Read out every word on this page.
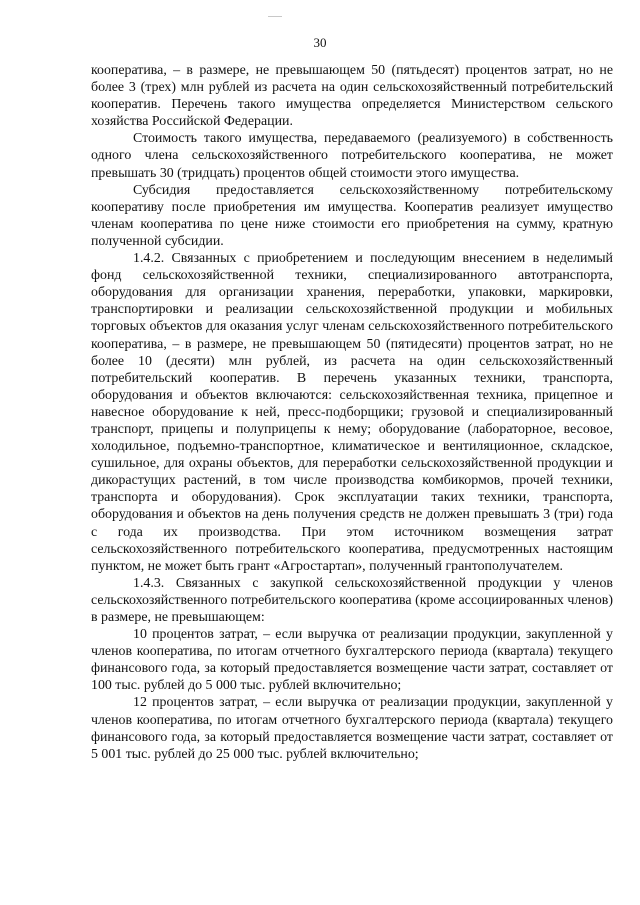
30

кооператива, – в размере, не превышающем 50 (пятьдесят) процентов затрат, но не более 3 (трех) млн рублей из расчета на один сельскохозяйственный потребительский кооператив. Перечень такого имущества определяется Министерством сельского хозяйства Российской Федерации.

Стоимость такого имущества, передаваемого (реализуемого) в собственность одного члена сельскохозяйственного потребительского кооператива, не может превышать 30 (тридцать) процентов общей стоимости этого имущества.

Субсидия предоставляется сельскохозяйственному потребительскому кооперативу после приобретения им имущества. Кооператив реализует имущество членам кооператива по цене ниже стоимости его приобретения на сумму, кратную полученной субсидии.

1.4.2. Связанных с приобретением и последующим внесением в неделимый фонд сельскохозяйственной техники, специализированного автотранспорта, оборудования для организации хранения, переработки, упаковки, маркировки, транспортировки и реализации сельскохозяйственной продукции и мобильных торговых объектов для оказания услуг членам сельскохозяйственного потребительского кооператива, – в размере, не превышающем 50 (пятидесяти) процентов затрат, но не более 10 (десяти) млн рублей, из расчета на один сельскохозяйственный потребительский кооператив. В перечень указанных техники, транспорта, оборудования и объектов включаются: сельскохозяйственная техника, прицепное и навесное оборудование к ней, пресс-подборщики; грузовой и специализированный транспорт, прицепы и полуприцепы к нему; оборудование (лабораторное, весовое, холодильное, подъемно-транспортное, климатическое и вентиляционное, складское, сушильное, для охраны объектов, для переработки сельскохозяйственной продукции и дикорастущих растений, в том числе производства комбикормов, прочей техники, транспорта и оборудования). Срок эксплуатации таких техники, транспорта, оборудования и объектов на день получения средств не должен превышать 3 (три) года с года их производства. При этом источником возмещения затрат сельскохозяйственного потребительского кооператива, предусмотренных настоящим пунктом, не может быть грант «Агростартап», полученный грантополучателем.

1.4.3. Связанных с закупкой сельскохозяйственной продукции у членов сельскохозяйственного потребительского кооператива (кроме ассоциированных членов) в размере, не превышающем:

10 процентов затрат, – если выручка от реализации продукции, закупленной у членов кооператива, по итогам отчетного бухгалтерского периода (квартала) текущего финансового года, за который предоставляется возмещение части затрат, составляет от 100 тыс. рублей до 5 000 тыс. рублей включительно;

12 процентов затрат, – если выручка от реализации продукции, закупленной у членов кооператива, по итогам отчетного бухгалтерского периода (квартала) текущего финансового года, за который предоставляется возмещение части затрат, составляет от 5 001 тыс. рублей до 25 000 тыс. рублей включительно;
